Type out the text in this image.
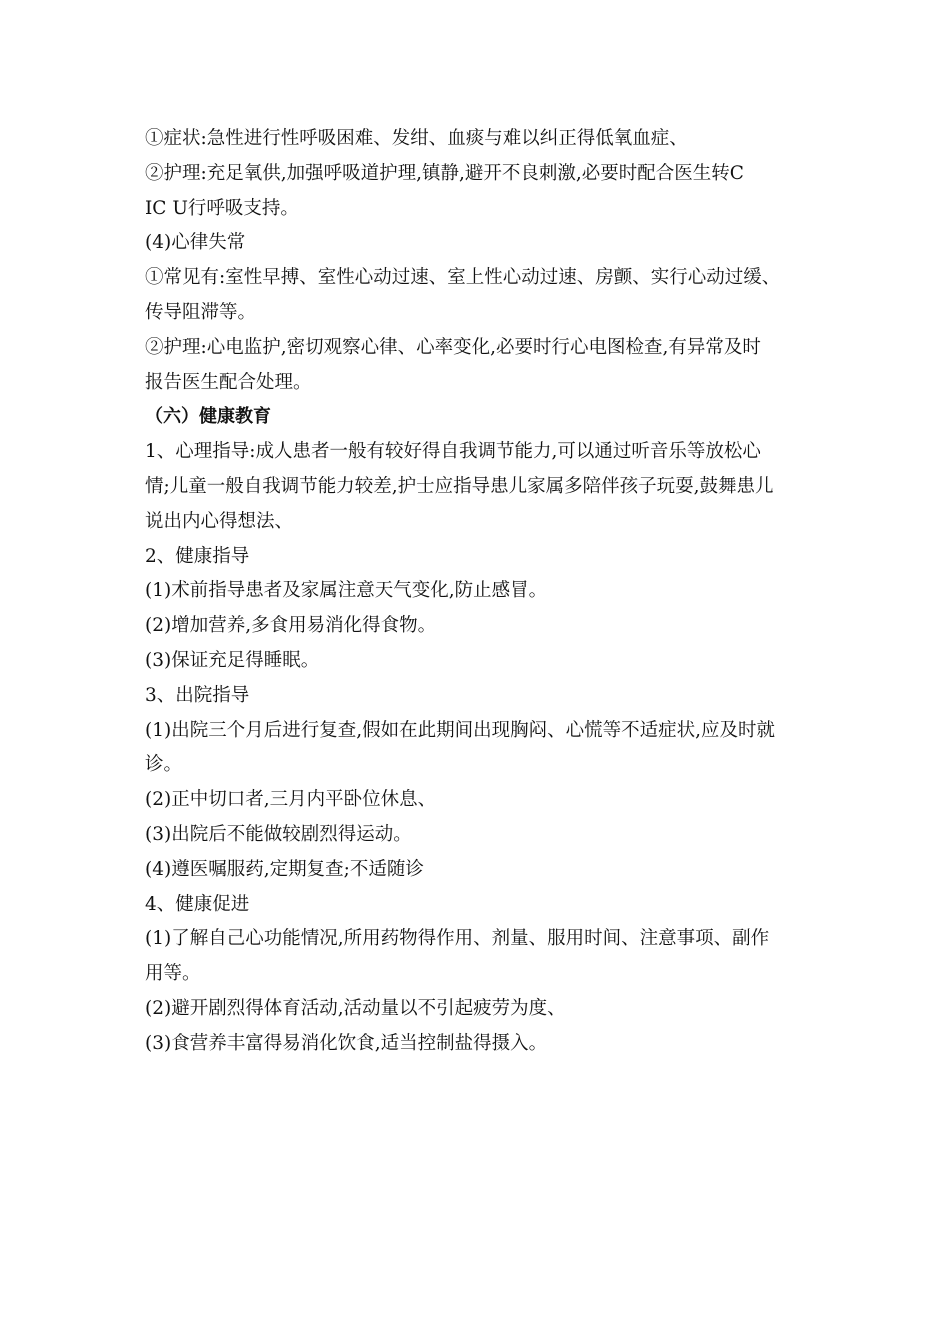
①症状:急性进行性呼吸困难、发绀、血痰与难以纠正得低氧血症、
②护理:充足氧供,加强呼吸道护理,镇静,避开不良刺激,必要时配合医生转C
IC U行呼吸支持。
(4)心律失常
①常见有:室性早搏、室性心动过速、室上性心动过速、房颤、实行心动过缓、
传导阻滞等。
②护理:心电监护,密切观察心律、心率变化,必要时行心电图检查,有异常及时
报告医生配合处理。
（六）健康教育
1、心理指导:成人患者一般有较好得自我调节能力,可以通过听音乐等放松心
情;儿童一般自我调节能力较差,护士应指导患儿家属多陪伴孩子玩耍,鼓舞患儿
说出内心得想法、
2、健康指导
(1)术前指导患者及家属注意天气变化,防止感冒。
(2)增加营养,多食用易消化得食物。
(3)保证充足得睡眠。
3、出院指导
(1)出院三个月后进行复查,假如在此期间出现胸闷、心慌等不适症状,应及时就
诊。
(2)正中切口者,三月内平卧位休息、
(3)出院后不能做较剧烈得运动。
(4)遵医嘱服药,定期复查;不适随诊
4、健康促进
(1)了解自己心功能情况,所用药物得作用、剂量、服用时间、注意事项、副作
用等。
(2)避开剧烈得体育活动,活动量以不引起疲劳为度、
(3)食营养丰富得易消化饮食,适当控制盐得摄入。
